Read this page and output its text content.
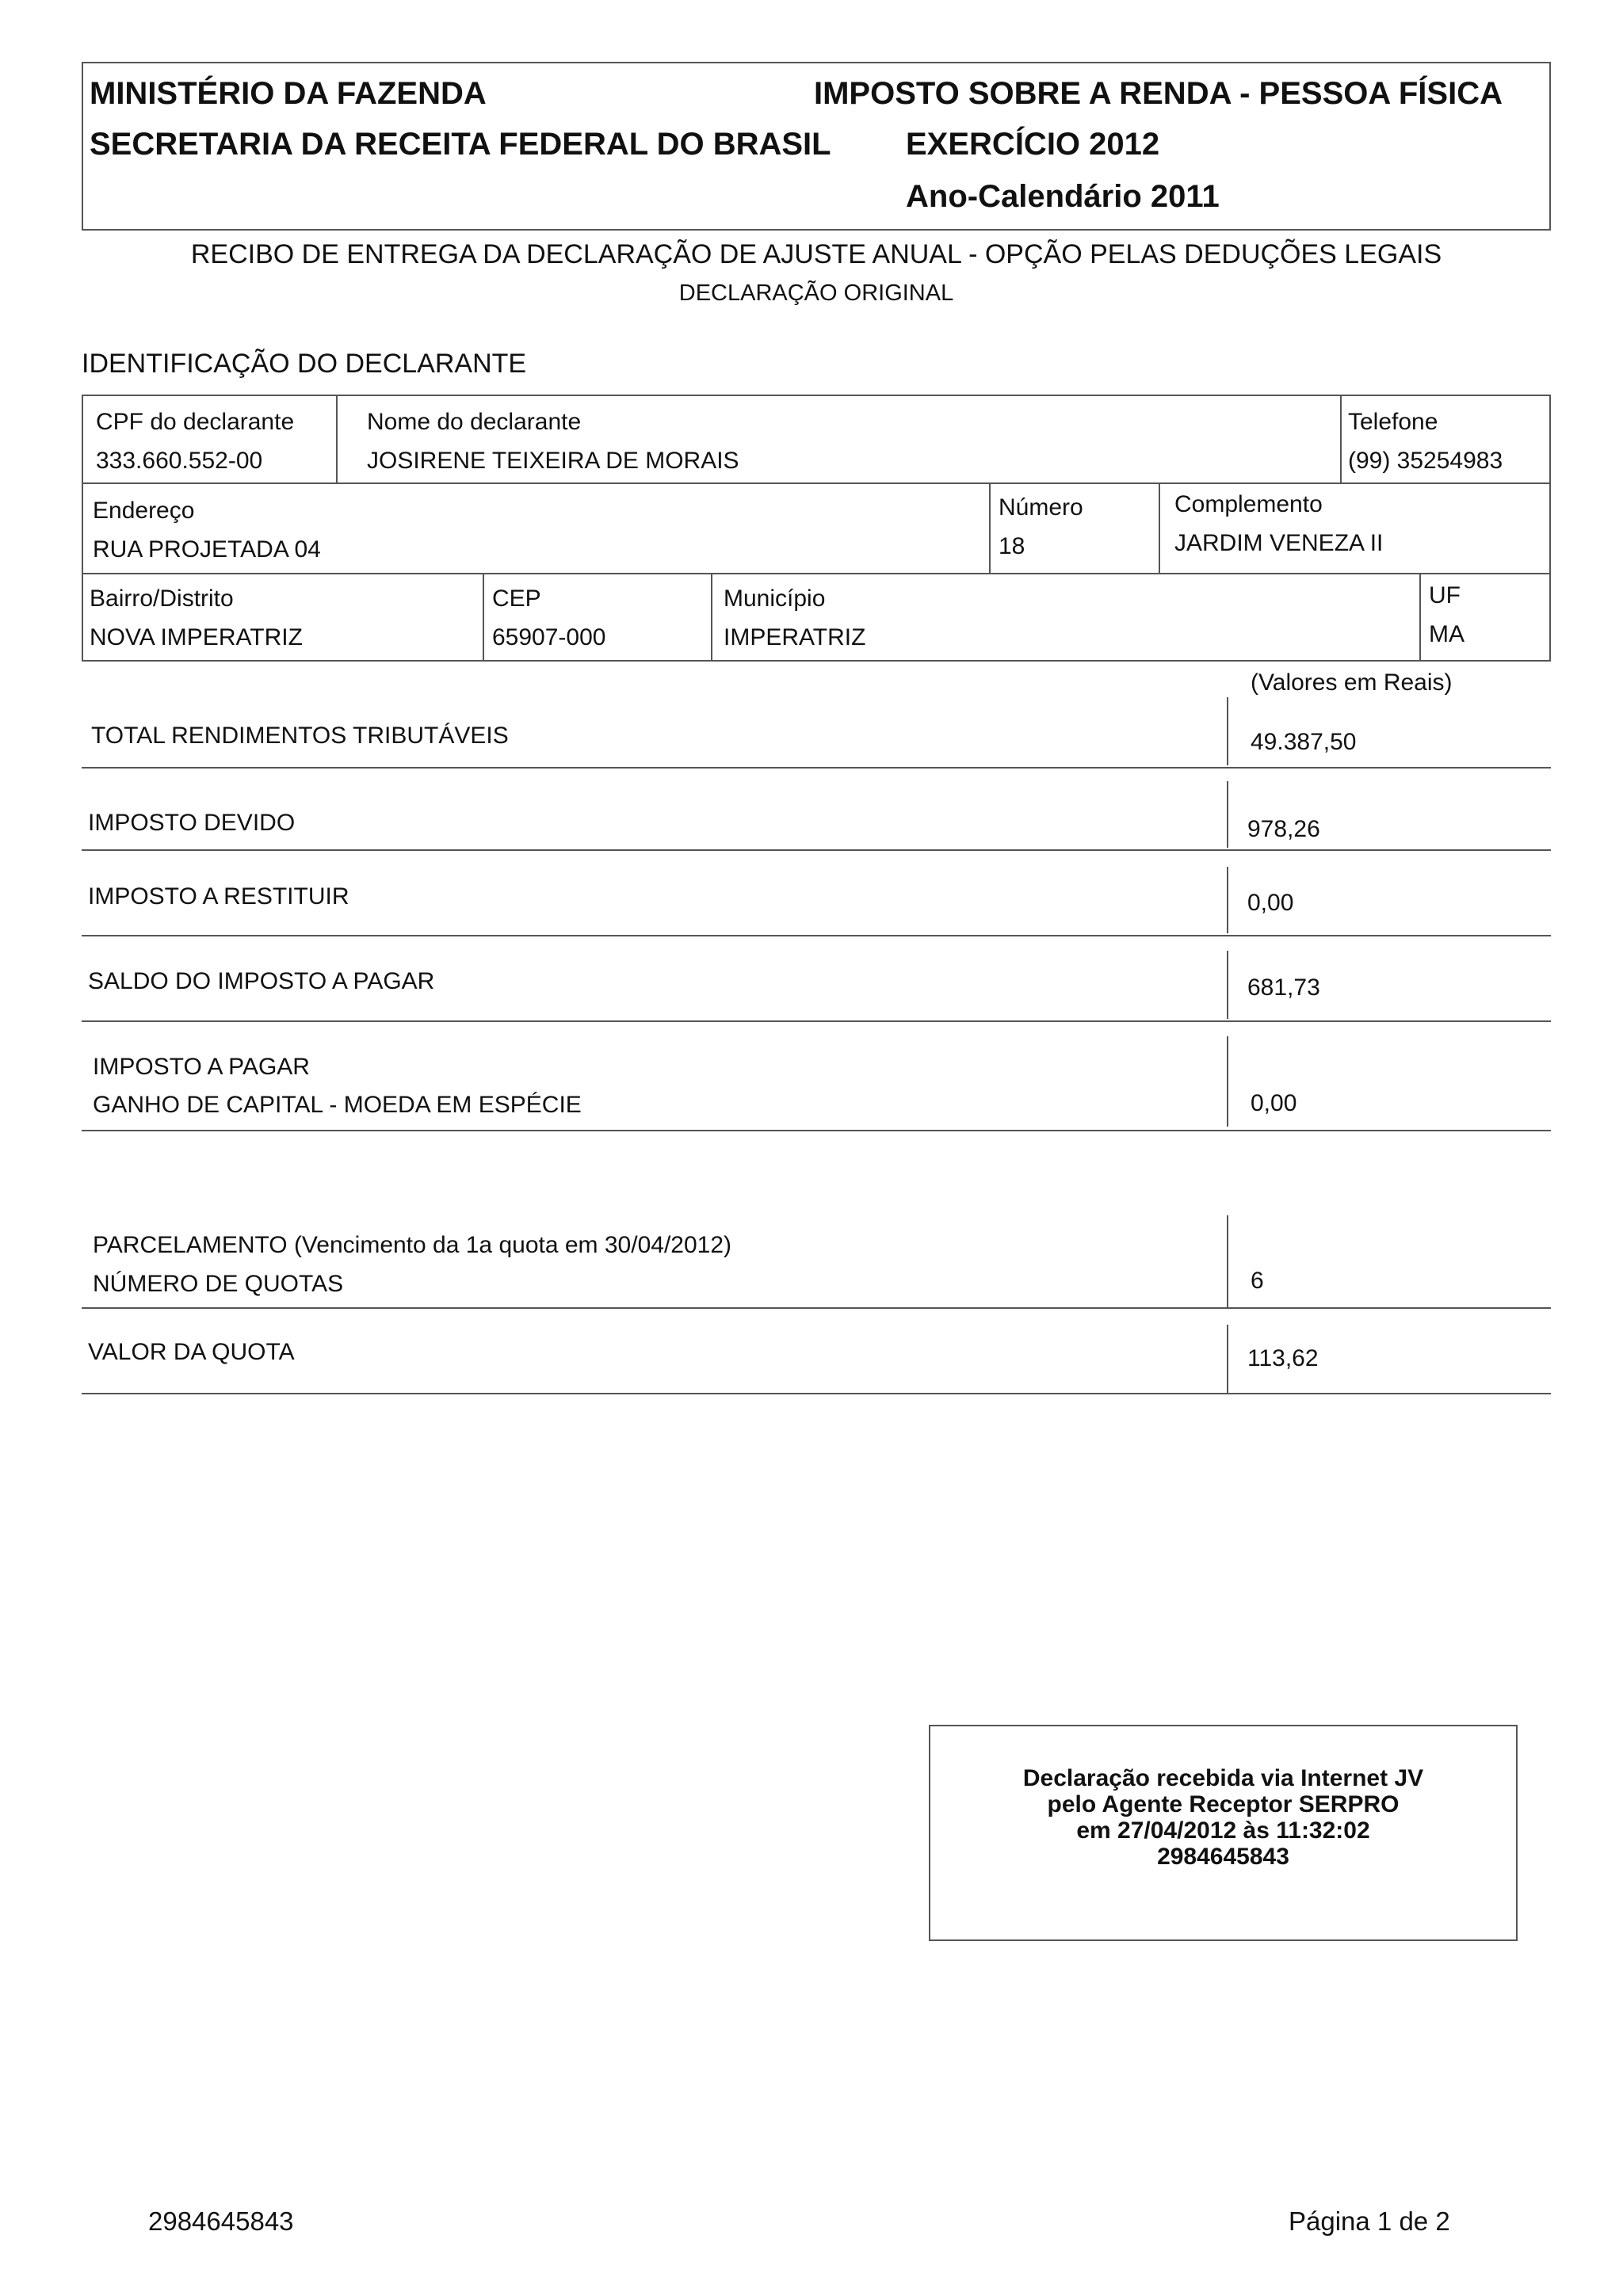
MINISTÉRIO DA FAZENDA
SECRETARIA DA RECEITA FEDERAL DO BRASIL
IMPOSTO SOBRE A RENDA - PESSOA FÍSICA
EXERCÍCIO 2012
Ano-Calendário 2011
RECIBO DE ENTREGA DA DECLARAÇÃO DE AJUSTE ANUAL - OPÇÃO PELAS DEDUÇÕES LEGAIS
DECLARAÇÃO ORIGINAL
IDENTIFICAÇÃO DO DECLARANTE
CPF do declarante
333.660.552-00
Nome do declarante
JOSIRENE TEIXEIRA DE MORAIS
Telefone
(99) 35254983
Endereço
RUA PROJETADA 04
Número
18
Complemento
JARDIM VENEZA II
Bairro/Distrito
NOVA IMPERATRIZ
CEP
65907-000
Município
IMPERATRIZ
UF
MA
(Valores em Reais)
TOTAL RENDIMENTOS TRIBUTÁVEIS	49.387,50
IMPOSTO DEVIDO	978,26
IMPOSTO A RESTITUIR	0,00
SALDO DO IMPOSTO A PAGAR	681,73
IMPOSTO A PAGAR
GANHO DE CAPITAL - MOEDA EM ESPÉCIE	0,00
PARCELAMENTO (Vencimento da 1a quota em 30/04/2012)
NÚMERO DE QUOTAS	6
VALOR DA QUOTA	113,62
Declaração recebida via Internet JV
pelo Agente Receptor SERPRO
em 27/04/2012 às 11:32:02
2984645843
2984645843	Página 1 de 2
